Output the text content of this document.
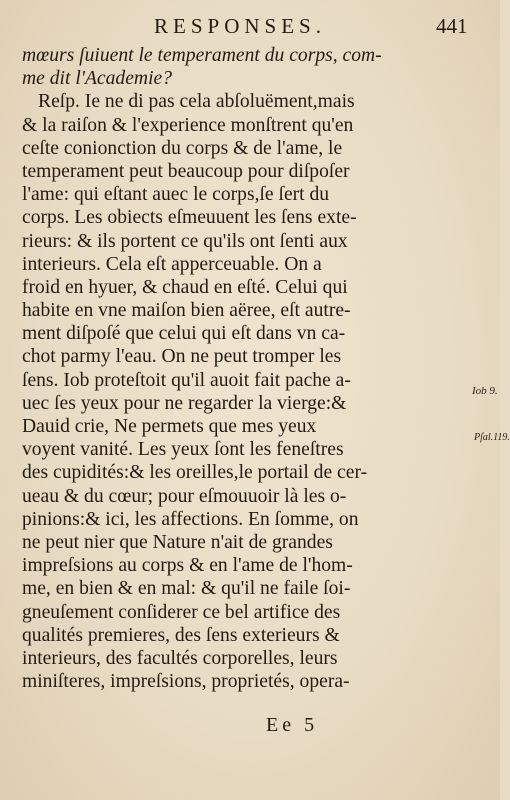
RESPONSES.	441
mœurs ſuiuent le temperament du corps, com-
me dit l'Academie?
Reſp. Ie ne di pas cela abſoluëment,mais
& la raiſon & l'experience monſtrent qu'en
ceſte conionction du corps & de l'ame, le
temperament peut beaucoup pour diſpoſer
l'ame: qui eſtant auec le corps,ſe ſert du
corps. Les obiects eſmeuuent les ſens exte-
rieurs: & ils portent ce qu'ils ont ſenti aux
interieurs. Cela eſt apperceuable. On a
froid en hyuer, & chaud en eſté. Celui qui
habite en vne maiſon bien aëree, eſt autre-
ment diſpoſé que celui qui eſt dans vn ca-
chot parmy l'eau. On ne peut tromper les
ſens. Iob proteſtoit qu'il auoit fait pache a-
uec ſes yeux pour ne regarder la vierge:&
Dauid crie, Ne permets que mes yeux
voyent vanité. Les yeux ſont les feneſtres
des cupidités:& les oreilles,le portail de cer-
ueau & du cœur; pour eſmouuoir là les o-
pinions:& ici, les affections. En ſomme, on
ne peut nier que Nature n'ait de grandes
impreſsions au corps & en l'ame de l'hom-
me, en bien & en mal: & qu'il ne faile ſoi-
gneuſement conſiderer ce bel artifice des
qualités premieres, des ſens exterieurs &
interieurs, des facultés corporelles, leurs
miniſteres, impreſsions, proprietés, opera-
Iob 9.
Pſal.119.
Ee 5
